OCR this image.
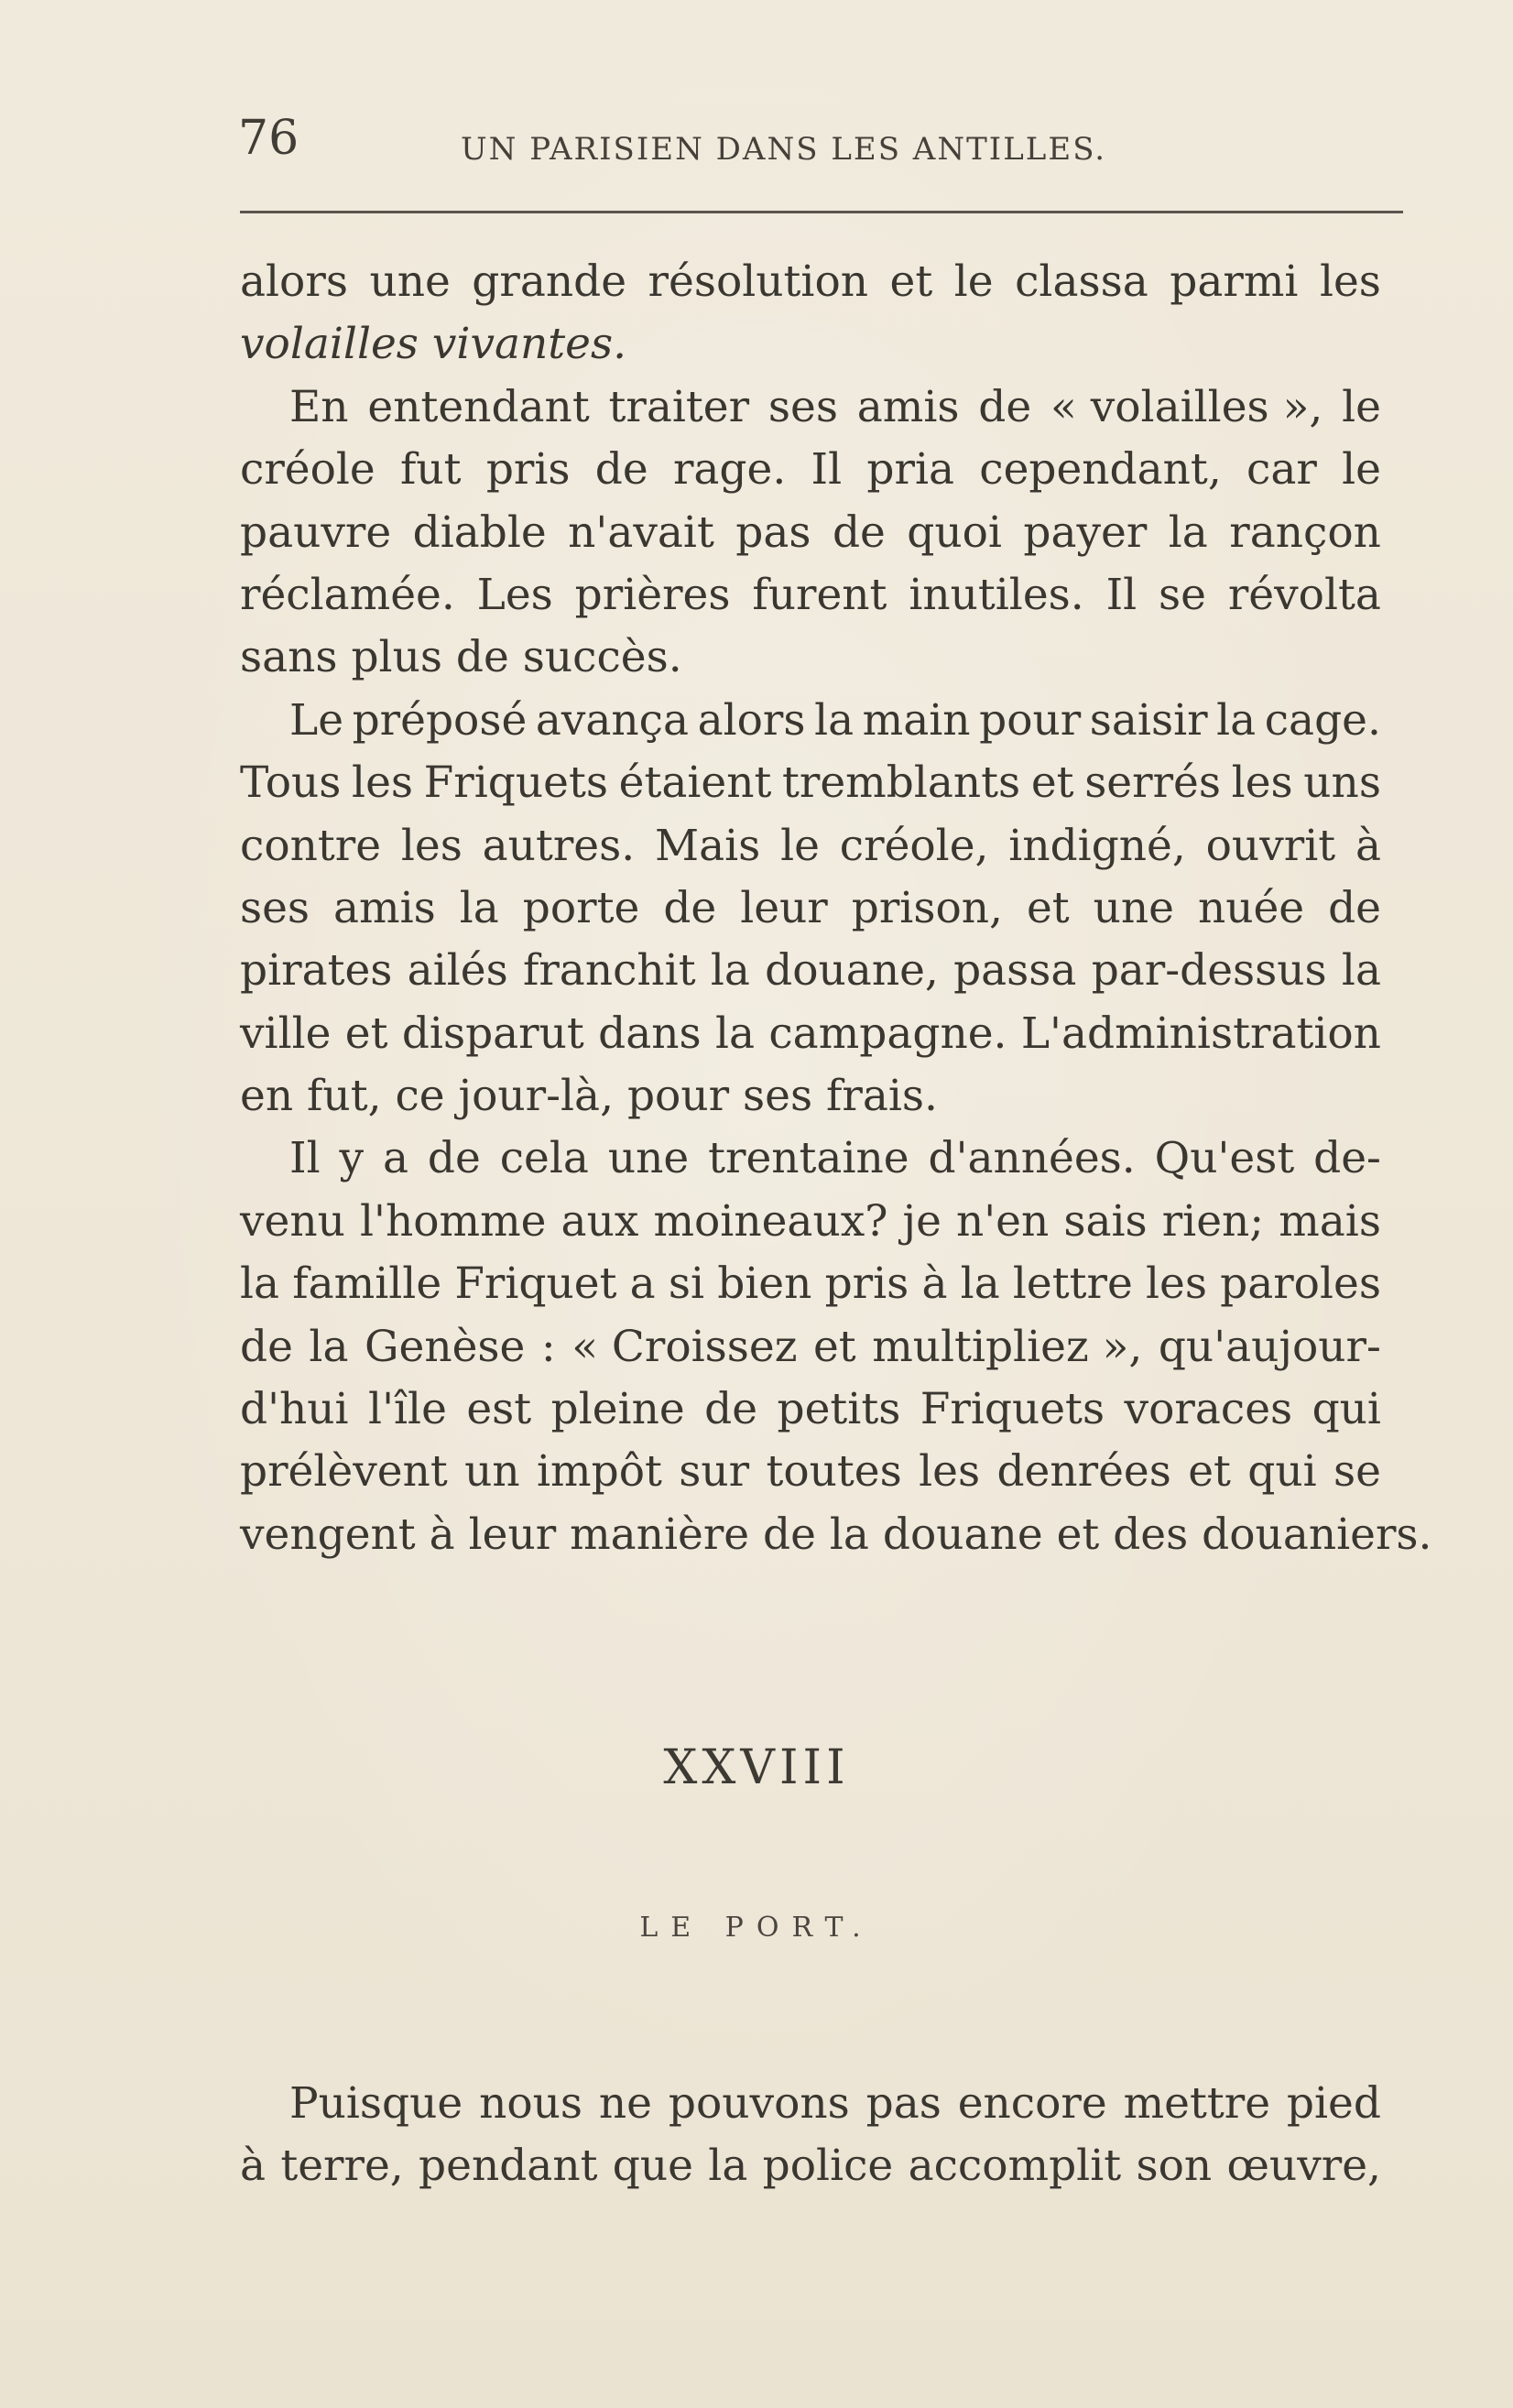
76	UN PARISIEN DANS LES ANTILLES.
alors une grande résolution et le classa parmi les
volailles vivantes.
En entendant traiter ses amis de « volailles », le
créole fut pris de rage. Il pria cependant, car le
pauvre diable n'avait pas de quoi payer la rançon
réclamée. Les prières furent inutiles. Il se révolta
sans plus de succès.
Le préposé avança alors la main pour saisir la cage.
Tous les Friquets étaient tremblants et serrés les uns
contre les autres. Mais le créole, indigné, ouvrit à
ses amis la porte de leur prison, et une nuée de
pirates ailés franchit la douane, passa par-dessus la
ville et disparut dans la campagne. L'administration
en fut, ce jour-là, pour ses frais.
Il y a de cela une trentaine d'années. Qu'est de-
venu l'homme aux moineaux? je n'en sais rien; mais
la famille Friquet a si bien pris à la lettre les paroles
de la Genèse : « Croissez et multipliez », qu'aujour-
d'hui l'île est pleine de petits Friquets voraces qui
prélèvent un impôt sur toutes les denrées et qui se
vengent à leur manière de la douane et des douaniers.
XXVIII
LE PORT.
Puisque nous ne pouvons pas encore mettre pied
à terre, pendant que la police accomplit son œuvre,
